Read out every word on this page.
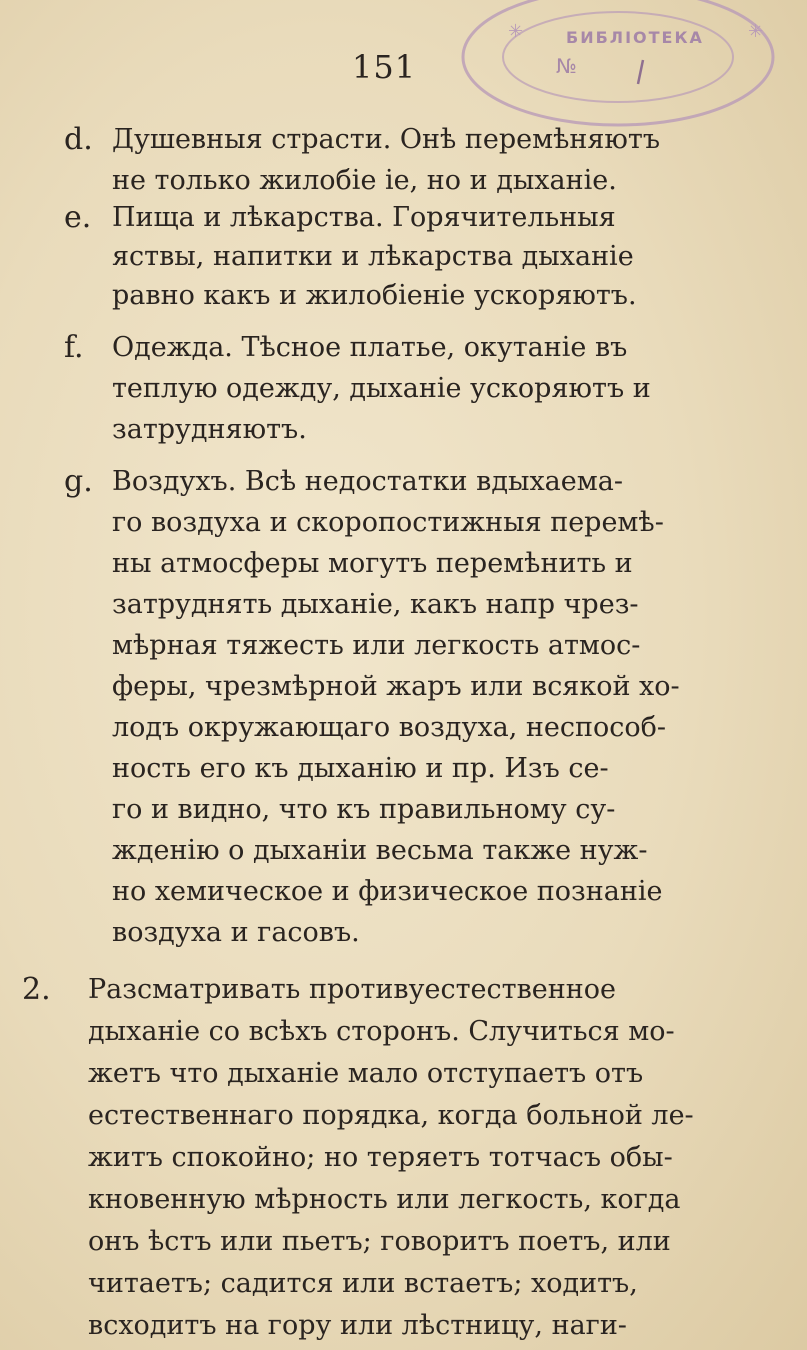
✳	✳
БИБЛІОТЕКА
№
151
d. Душевныя страсти. Онѣ перемѣняютъ
не только жилобіе іе, но и дыханіе.
e. Пища и лѣкарства. Горячительныя
яствы, напитки и лѣкарства дыханіе
равно какъ и жилобіеніе ускоряютъ.
f. Одежда. Тѣсное платье, окутаніе въ
теплую одежду, дыханіе ускоряютъ и
затрудняютъ.
g. Воздухъ. Всѣ недостатки вдыхаема-
го воздуха и скоропостижныя перемѣ-
ны атмосферы могутъ перемѣнить и
затруднять дыханіе, какъ напр чрез-
мѣрная тяжесть или легкость атмос-
феры, чрезмѣрной жаръ или всякой хо-
лодъ окружающаго воздуха, неспособ-
ность его къ дыханію и пр. Изъ се-
го и видно, что къ правильному су-
жденію о дыханіи весьма также нуж-
но хемическое и физическое познаніе
воздуха и гасовъ.
2. Разсматривать противуестественное
дыханіе со всѣхъ сторонъ. Случиться мо-
жетъ что дыханіе мало отступаетъ отъ
естественнаго порядка, когда больной ле-
житъ спокойно; но теряетъ тотчасъ обы-
кновенную мѣрность или легкость, когда
онъ ѣстъ или пьетъ; говоритъ поетъ, или
читаетъ; садится или встаетъ; ходитъ,
всходитъ на гору или лѣстницу, наги-
